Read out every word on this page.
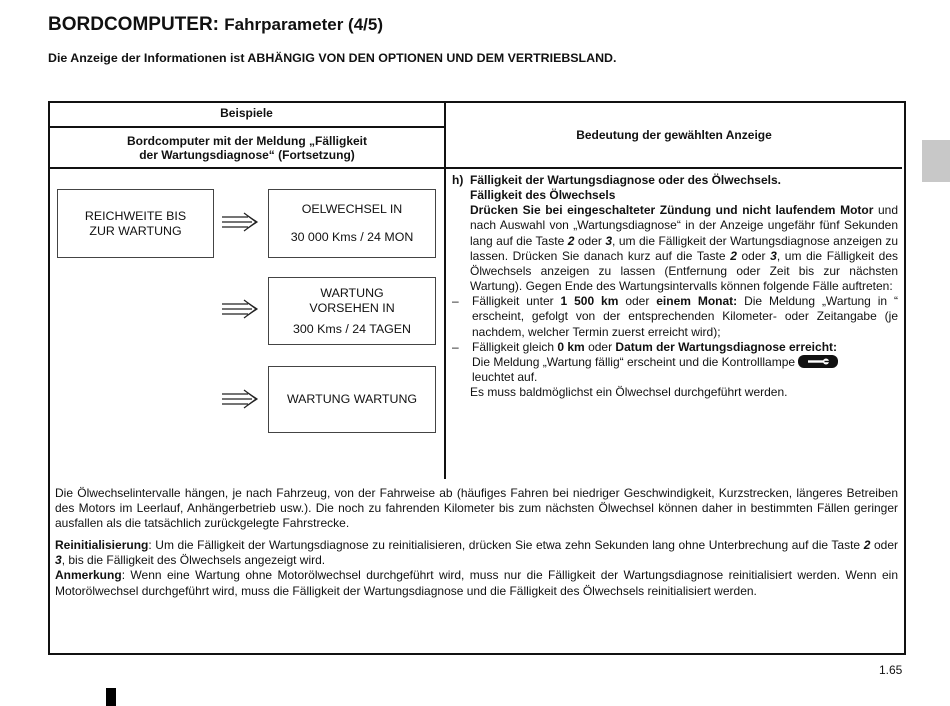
BORDCOMPUTER: Fahrparameter (4/5)
Die Anzeige der Informationen ist ABHÄNGIG VON DEN OPTIONEN UND DEM VERTRIEBSLAND.
Beispiele
Bordcomputer mit der Meldung „Fälligkeit
der Wartungsdiagnose“ (Fortsetzung)
Bedeutung der gewählten Anzeige
REICHWEITE BIS
ZUR WARTUNG
OELWECHSEL IN
30 000 Kms / 24 MON
WARTUNG
VORSEHEN IN
300 Kms / 24 TAGEN
WARTUNG WARTUNG
h) Fälligkeit der Wartungsdiagnose oder des Ölwechsels.
Fälligkeit des Ölwechsels
Drücken Sie bei eingeschalteter Zündung und nicht laufendem Motor und nach Auswahl von „Wartungsdiagnose“ in der Anzeige ungefähr fünf Sekunden lang auf die Taste 2 oder 3, um die Fälligkeit der Wartungsdiagnose anzeigen zu lassen. Drücken Sie danach kurz auf die Taste 2 oder 3, um die Fälligkeit des Ölwechsels anzeigen zu lassen (Entfernung oder Zeit bis zur nächsten Wartung). Gegen Ende des Wartungsintervalls können folgende Fälle auftreten:
–	Fälligkeit unter 1 500 km oder einem Monat: Die Meldung „Wartung in “ erscheint, gefolgt von der entsprechenden Kilometer- oder Zeitangabe (je nachdem, welcher Termin zuerst erreicht wird);
–	Fälligkeit gleich 0 km oder Datum der Wartungsdiagnose erreicht:
Die Meldung „Wartung fällig“ erscheint und die Kontrolllampe

leuchtet auf.
Es muss baldmöglichst ein Ölwechsel durchgeführt werden.

Die Ölwechselintervalle hängen, je nach Fahrzeug, von der Fahrweise ab (häufiges Fahren bei niedriger Geschwindigkeit, Kurzstrecken, längeres Betreiben des Motors im Leerlauf, Anhängerbetrieb usw.). Die noch zu fahrenden Kilometer bis zum nächsten Ölwechsel können daher in bestimmten Fällen geringer ausfallen als die tatsächlich zurückgelegte Fahrstrecke.

Reinitialisierung: Um die Fälligkeit der Wartungsdiagnose zu reinitialisieren, drücken Sie etwa zehn Sekunden lang ohne Unterbrechung auf die Taste 2 oder 3, bis die Fälligkeit des Ölwechsels angezeigt wird.

Anmerkung: Wenn eine Wartung ohne Motorölwechsel durchgeführt wird, muss nur die Fälligkeit der Wartungsdiagnose reinitialisiert werden. Wenn ein Motorölwechsel durchgeführt wird, muss die Fälligkeit der Wartungsdiagnose und die Fälligkeit des Ölwechsels reinitialisiert werden.

1.65
